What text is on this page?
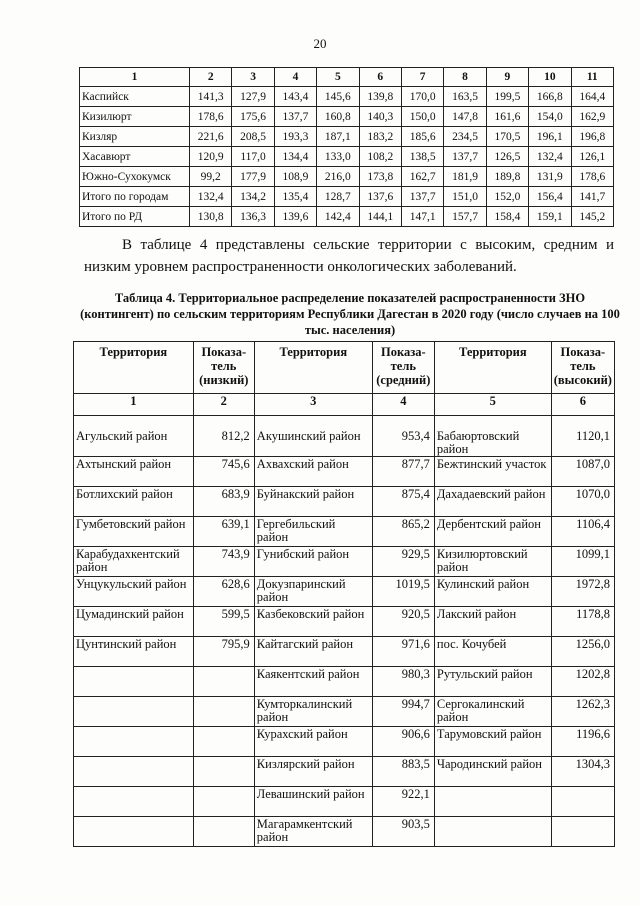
20
1	2	3	4	5	6	7	8	9	10	11
Каспийск	141,3	127,9	143,4	145,6	139,8	170,0	163,5	199,5	166,8	164,4
Кизилюрт	178,6	175,6	137,7	160,8	140,3	150,0	147,8	161,6	154,0	162,9
Кизляр	221,6	208,5	193,3	187,1	183,2	185,6	234,5	170,5	196,1	196,8
Хасавюрт	120,9	117,0	134,4	133,0	108,2	138,5	137,7	126,5	132,4	126,1
Южно-Сухокумск	99,2	177,9	108,9	216,0	173,8	162,7	181,9	189,8	131,9	178,6
Итого по городам	132,4	134,2	135,4	128,7	137,6	137,7	151,0	152,0	156,4	141,7
Итого по РД	130,8	136,3	139,6	142,4	144,1	147,1	157,7	158,4	159,1	145,2

В таблице 4 представлены сельские территории с высоким, средним и низким уровнем распространенности онкологических заболеваний.

Таблица 4. Территориальное распределение показателей распространенности ЗНО (контингент) по сельским территориям Республики Дагестан в 2020 году (число случаев на 100 тыс. населения)

Территория	Показа-тель (низкий)	Территория	Показа-тель (средний)	Территория	Показа-тель (высокий)
1	2	3	4	5	6
Агульский район	812,2	Акушинский район	953,4	Бабаюртовский район	1120,1
Ахтынский район	745,6	Ахвахский район	877,7	Бежтинский участок	1087,0
Ботлихский район	683,9	Буйнакский район	875,4	Дахадаевский район	1070,0
Гумбетовский район	639,1	Гергебильский район	865,2	Дербентский район	1106,4
Карабудахкентский район	743,9	Гунибский район	929,5	Кизилюртовский район	1099,1
Унцукульский район	628,6	Докузпаринский район	1019,5	Кулинский район	1972,8
Цумадинский район	599,5	Казбековский район	920,5	Лакский район	1178,8
Цунтинский район	795,9	Кайтагский район	971,6	пос. Кочубей	1256,0
		Каякентский район	980,3	Рутульский район	1202,8
		Кумторкалинский район	994,7	Сергокалинский район	1262,3
		Курахский район	906,6	Тарумовский район	1196,6
		Кизлярский район	883,5	Чародинский район	1304,3
		Левашинский район	922,1		
		Магарамкентский район	903,5		
